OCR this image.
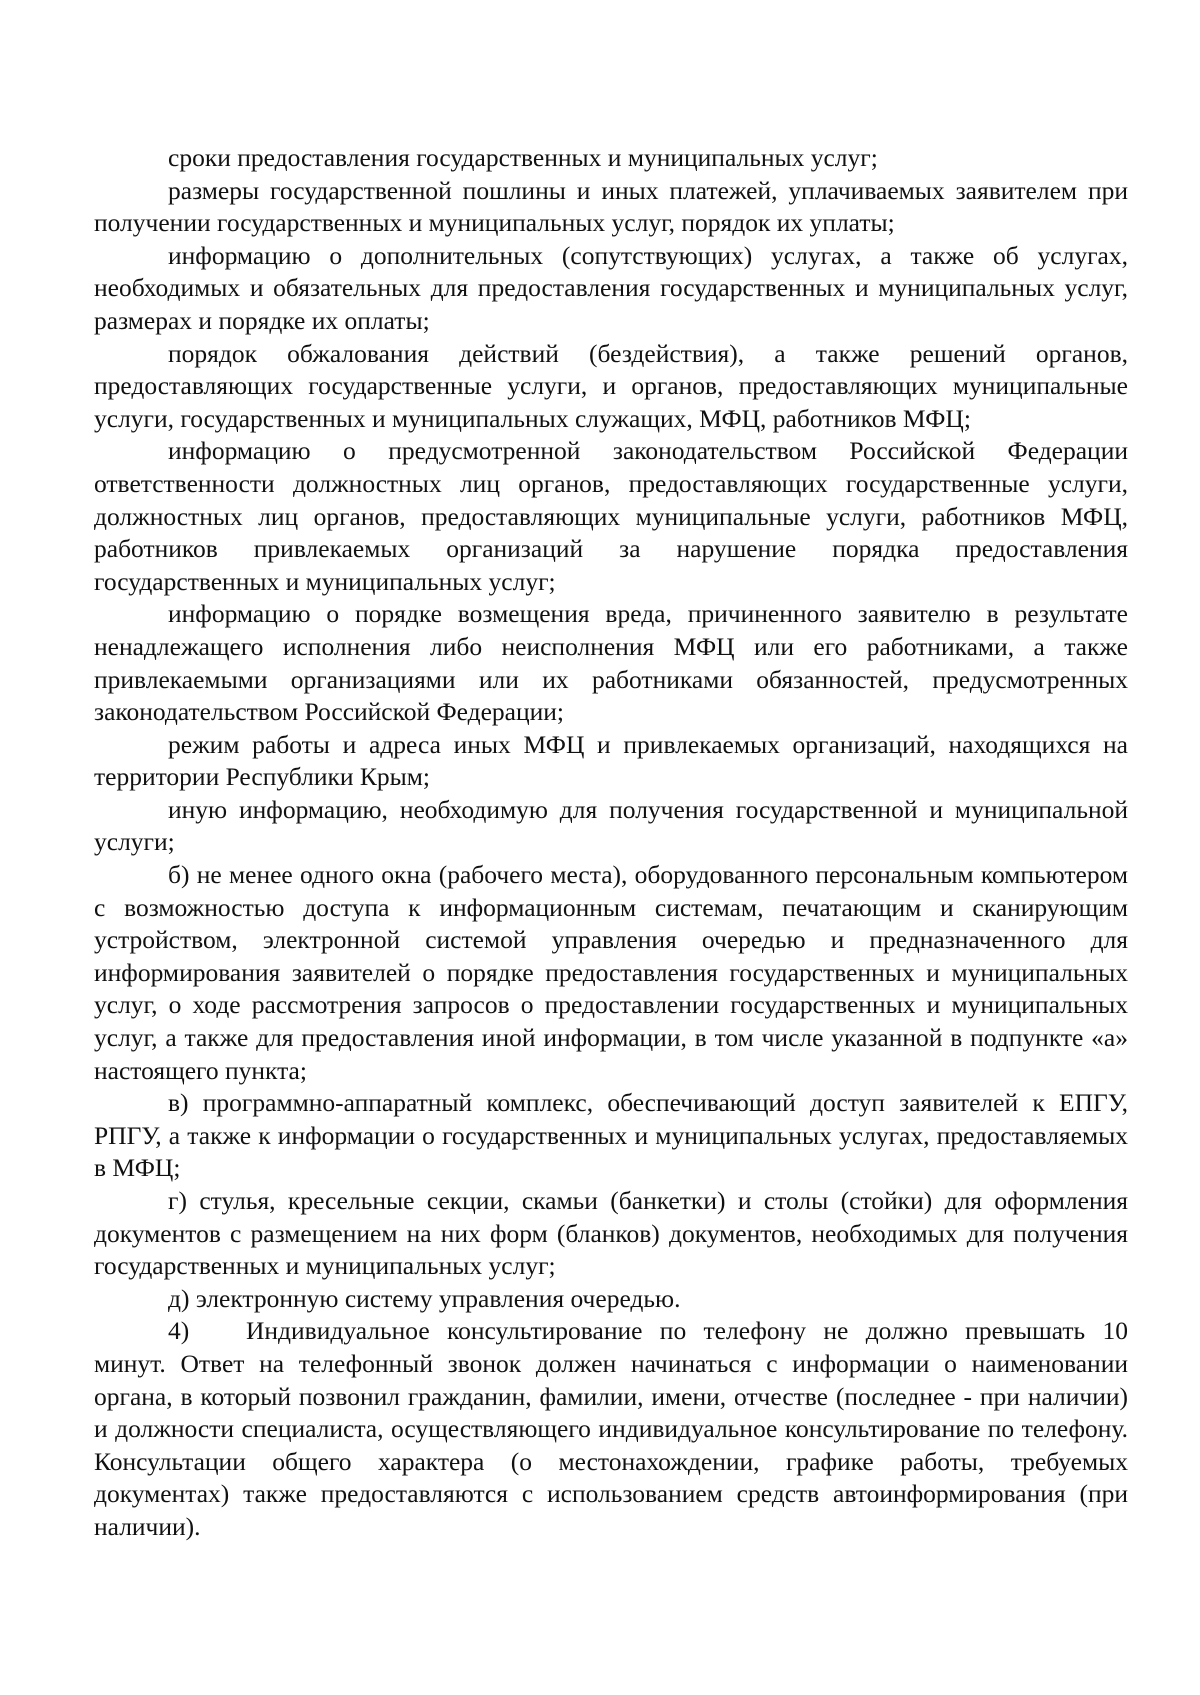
сроки предоставления государственных и муниципальных услуг;

размеры государственной пошлины и иных платежей, уплачиваемых заявителем при получении государственных и муниципальных услуг, порядок их уплаты;

информацию о дополнительных (сопутствующих) услугах, а также об услугах, необходимых и обязательных для предоставления государственных и муниципальных услуг, размерах и порядке их оплаты;

порядок обжалования действий (бездействия), а также решений органов, предоставляющих государственные услуги, и органов, предоставляющих муниципальные услуги, государственных и муниципальных служащих, МФЦ, работников МФЦ;

информацию о предусмотренной законодательством Российской Федерации ответственности должностных лиц органов, предоставляющих государственные услуги, должностных лиц органов, предоставляющих муниципальные услуги, работников МФЦ, работников привлекаемых организаций за нарушение порядка предоставления государственных и муниципальных услуг;

информацию о порядке возмещения вреда, причиненного заявителю в результате ненадлежащего исполнения либо неисполнения МФЦ или его работниками, а также привлекаемыми организациями или их работниками обязанностей, предусмотренных законодательством Российской Федерации;

режим работы и адреса иных МФЦ и привлекаемых организаций, находящихся на территории Республики Крым;

иную информацию, необходимую для получения государственной и муниципальной услуги;

б) не менее одного окна (рабочего места), оборудованного персональным компьютером с возможностью доступа к информационным системам, печатающим и сканирующим устройством, электронной системой управления очередью и предназначенного для информирования заявителей о порядке предоставления государственных и муниципальных услуг, о ходе рассмотрения запросов о предоставлении государственных и муниципальных услуг, а также для предоставления иной информации, в том числе указанной в подпункте «а» настоящего пункта;

в) программно-аппаратный комплекс, обеспечивающий доступ заявителей к ЕПГУ, РПГУ, а также к информации о государственных и муниципальных услугах, предоставляемых в МФЦ;

г) стулья, кресельные секции, скамьи (банкетки) и столы (стойки) для оформления документов с размещением на них форм (бланков) документов, необходимых для получения государственных и муниципальных услуг;

д) электронную систему управления очередью.

4) Индивидуальное консультирование по телефону не должно превышать 10 минут. Ответ на телефонный звонок должен начинаться с информации о наименовании органа, в который позвонил гражданин, фамилии, имени, отчестве (последнее - при наличии) и должности специалиста, осуществляющего индивидуальное консультирование по телефону. Консультации общего характера (о местонахождении, графике работы, требуемых документах) также предоставляются с использованием средств автоинформирования (при наличии).
